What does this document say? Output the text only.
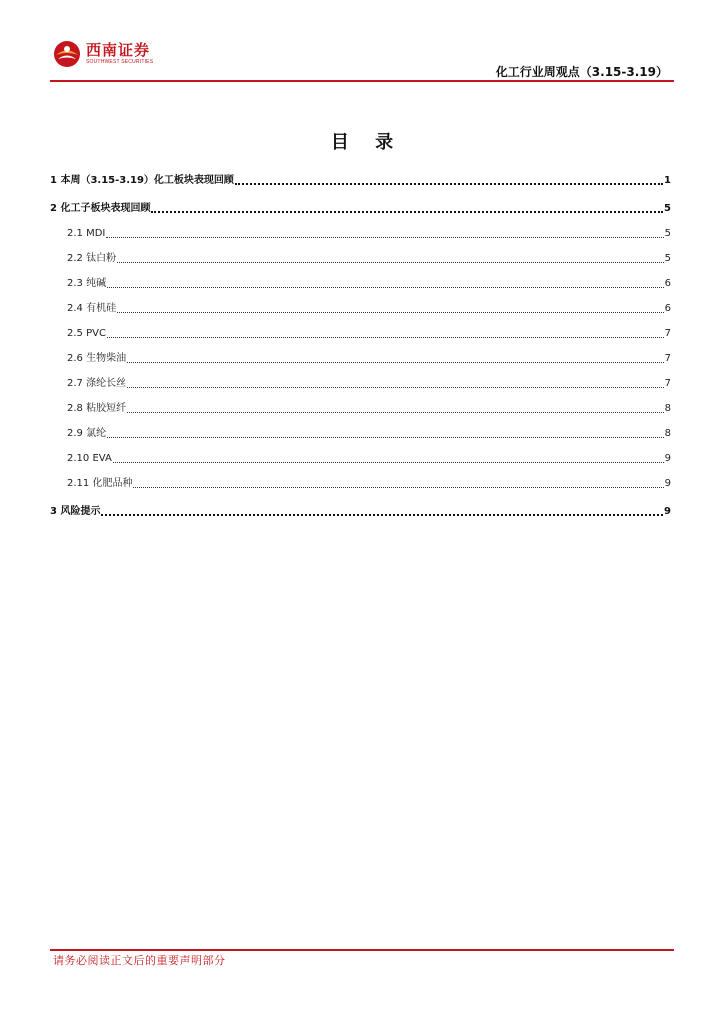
西南证券
SOUTHWEST SECURITIES
化工行业周观点（3.15-3.19）
目 录
1 本周（3.15-3.19）化工板块表现回顾	1
2 化工子板块表现回顾	5
2.1 MDI	5
2.2 钛白粉	5
2.3 纯碱	6
2.4 有机硅	6
2.5 PVC	7
2.6 生物柴油	7
2.7 涤纶长丝	7
2.8 粘胶短纤	8
2.9 氯纶	8
2.10 EVA	9
2.11 化肥品种	9
3 风险提示	9
请务必阅读正文后的重要声明部分
